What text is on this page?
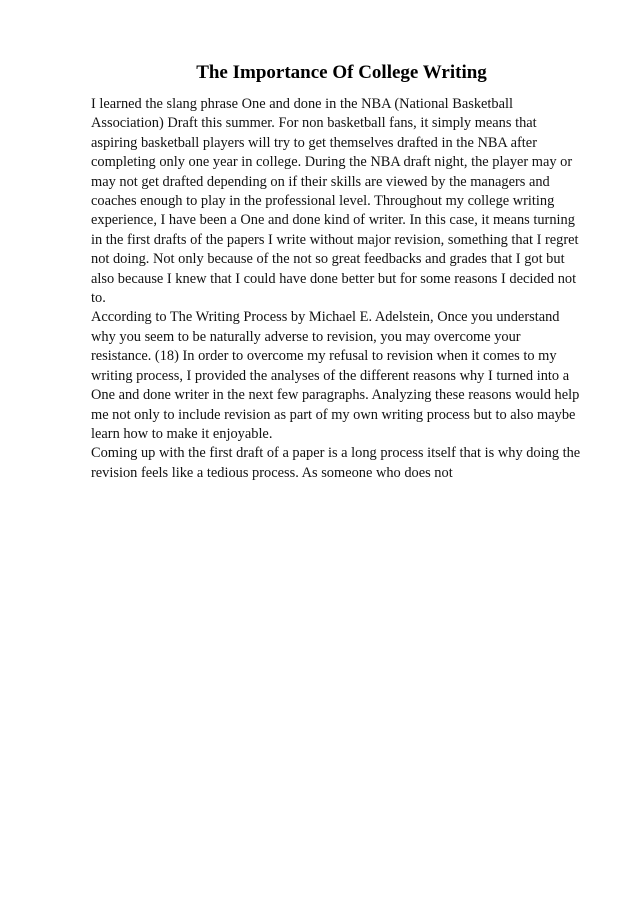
The Importance Of College Writing

I learned the slang phrase One and done in the NBA (National Basketball
Association) Draft this summer. For non basketball fans, it simply means that
aspiring basketball players will try to get themselves drafted in the NBA after
completing only one year in college. During the NBA draft night, the player may or
may not get drafted depending on if their skills are viewed by the managers and
coaches enough to play in the professional level. Throughout my college writing
experience, I have been a One and done kind of writer. In this case, it means turning
in the first drafts of the papers I write without major revision, something that I regret
not doing. Not only because of the not so great feedbacks and grades that I got but
also because I knew that I could have done better but for some reasons I decided not
to.

According to The Writing Process by Michael E. Adelstein, Once you understand
why you seem to be naturally adverse to revision, you may overcome your
resistance. (18) In order to overcome my refusal to revision when it comes to my
writing process, I provided the analyses of the different reasons why I turned into a
One and done writer in the next few paragraphs. Analyzing these reasons would help
me not only to include revision as part of my own writing process but to also maybe
learn how to make it enjoyable.

Coming up with the first draft of a paper is a long process itself that is why doing the
revision feels like a tedious process. As someone who does not
